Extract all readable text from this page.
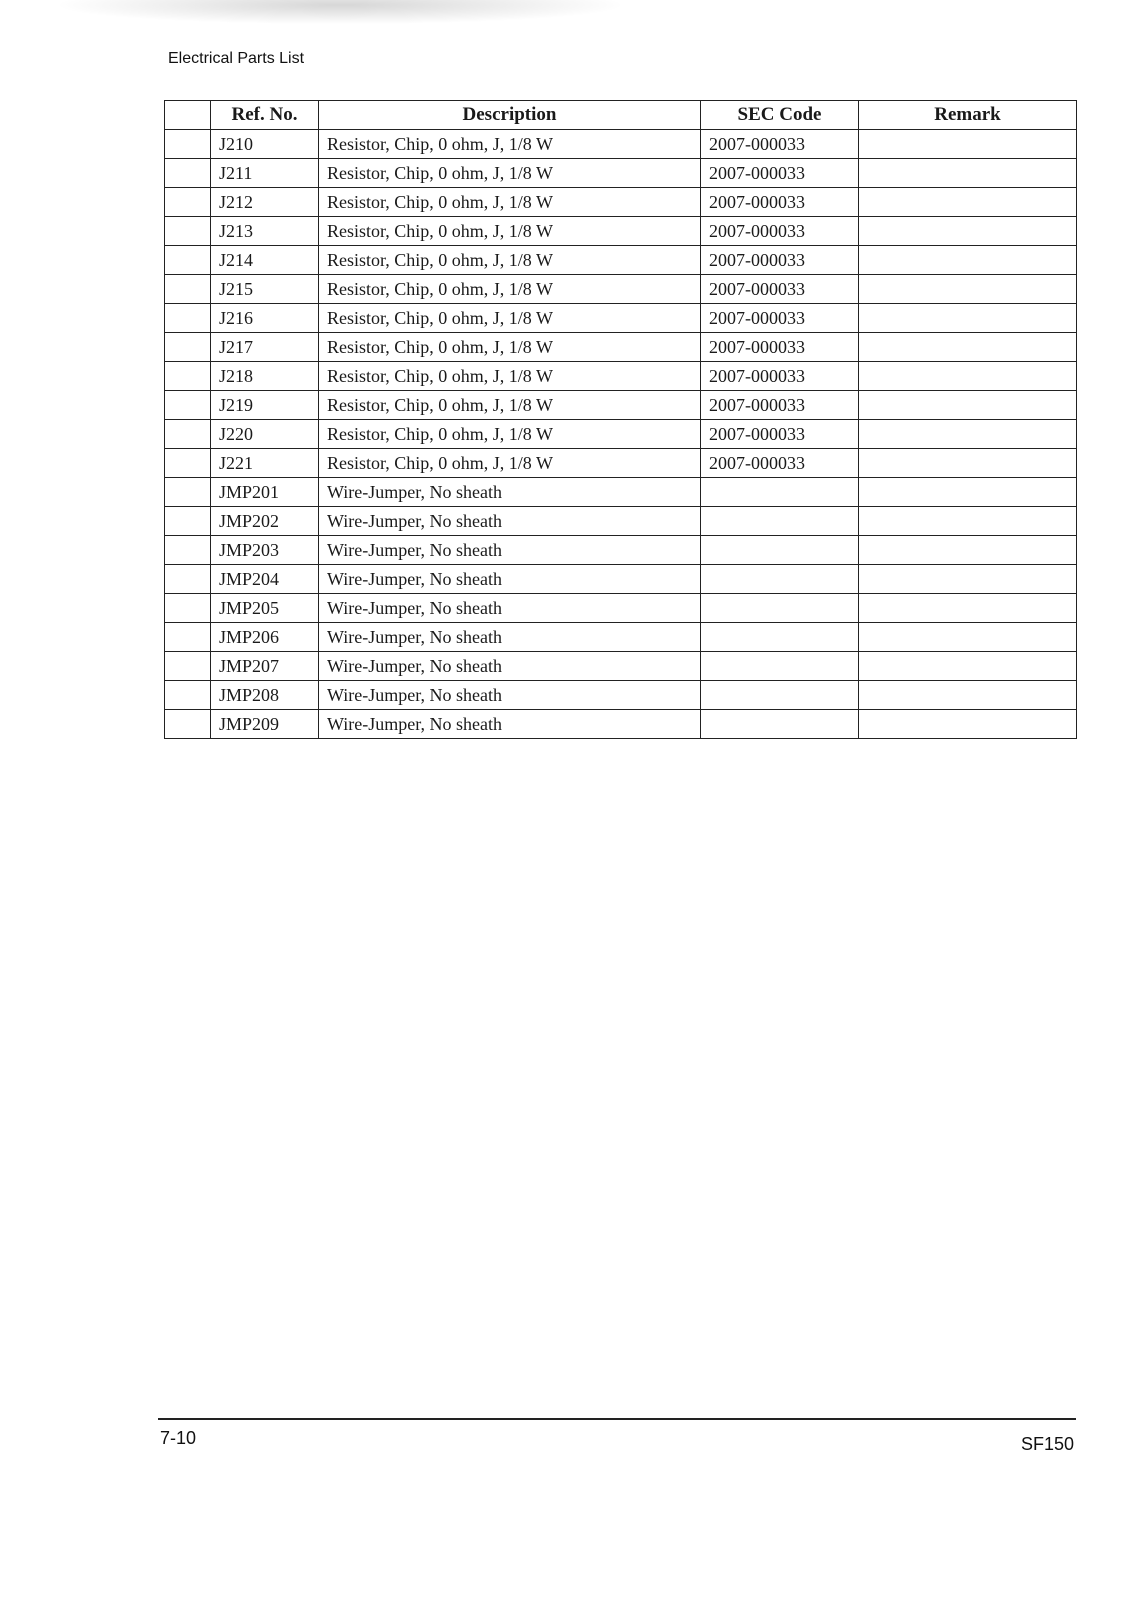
Electrical Parts List
	Ref. No.	Description	SEC Code	Remark
	J210	Resistor, Chip, 0 ohm, J, 1/8 W	2007-000033	
	J211	Resistor, Chip, 0 ohm, J, 1/8 W	2007-000033	
	J212	Resistor, Chip, 0 ohm, J, 1/8 W	2007-000033	
	J213	Resistor, Chip, 0 ohm, J, 1/8 W	2007-000033	
	J214	Resistor, Chip, 0 ohm, J, 1/8 W	2007-000033	
	J215	Resistor, Chip, 0 ohm, J, 1/8 W	2007-000033	
	J216	Resistor, Chip, 0 ohm, J, 1/8 W	2007-000033	
	J217	Resistor, Chip, 0 ohm, J, 1/8 W	2007-000033	
	J218	Resistor, Chip, 0 ohm, J, 1/8 W	2007-000033	
	J219	Resistor, Chip, 0 ohm, J, 1/8 W	2007-000033	
	J220	Resistor, Chip, 0 ohm, J, 1/8 W	2007-000033	
	J221	Resistor, Chip, 0 ohm, J, 1/8 W	2007-000033	
	JMP201	Wire-Jumper, No sheath		
	JMP202	Wire-Jumper, No sheath		
	JMP203	Wire-Jumper, No sheath		
	JMP204	Wire-Jumper, No sheath		
	JMP205	Wire-Jumper, No sheath		
	JMP206	Wire-Jumper, No sheath		
	JMP207	Wire-Jumper, No sheath		
	JMP208	Wire-Jumper, No sheath		
	JMP209	Wire-Jumper, No sheath		
7-10	SF150
